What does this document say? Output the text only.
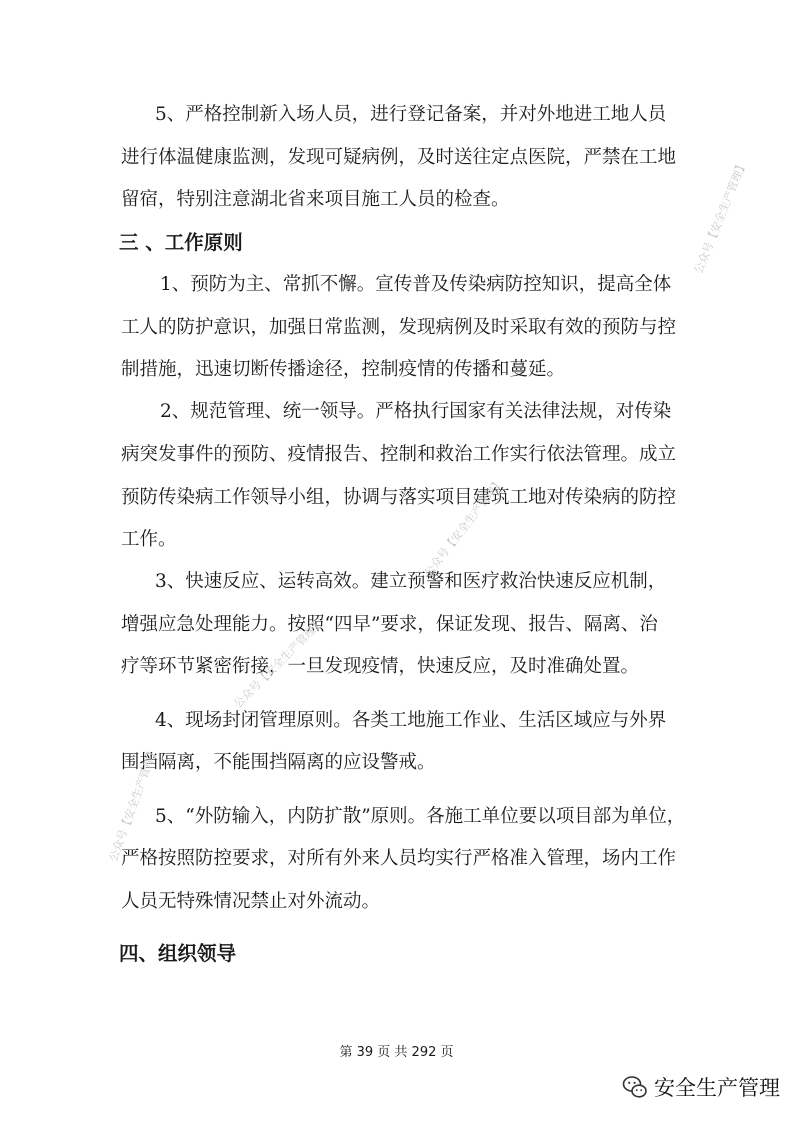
5、严格控制新入场人员，进行登记备案，并对外地进工地人员
进行体温健康监测，发现可疑病例，及时送往定点医院，严禁在工地
留宿，特别注意湖北省来项目施工人员的检查。
三 、工作原则
1、预防为主、常抓不懈。宣传普及传染病防控知识，提高全体
工人的防护意识，加强日常监测，发现病例及时采取有效的预防与控
制措施，迅速切断传播途径，控制疫情的传播和蔓延。
2、规范管理、统一领导。严格执行国家有关法律法规，对传染
病突发事件的预防、疫情报告、控制和救治工作实行依法管理。成立
预防传染病工作领导小组，协调与落实项目建筑工地对传染病的防控
工作。
3、快速反应、运转高效。建立预警和医疗救治快速反应机制，
增强应急处理能力。按照“四早”要求，保证发现、报告、隔离、治
疗等环节紧密衔接，一旦发现疫情，快速反应，及时准确处置。
4、现场封闭管理原则。各类工地施工作业、生活区域应与外界
围挡隔离，不能围挡隔离的应设警戒。
5、“外防输入，内防扩散”原则。各施工单位要以项目部为单位，
严格按照防控要求，对所有外来人员均实行严格准入管理，场内工作
人员无特殊情况禁止对外流动。
四、组织领导
公众号【安全生产管理】
公众号【安全生产管理】
公众号【安全生产管理】
公众号【安全生产管理】
第 39 页 共 292 页
安全生产管理
